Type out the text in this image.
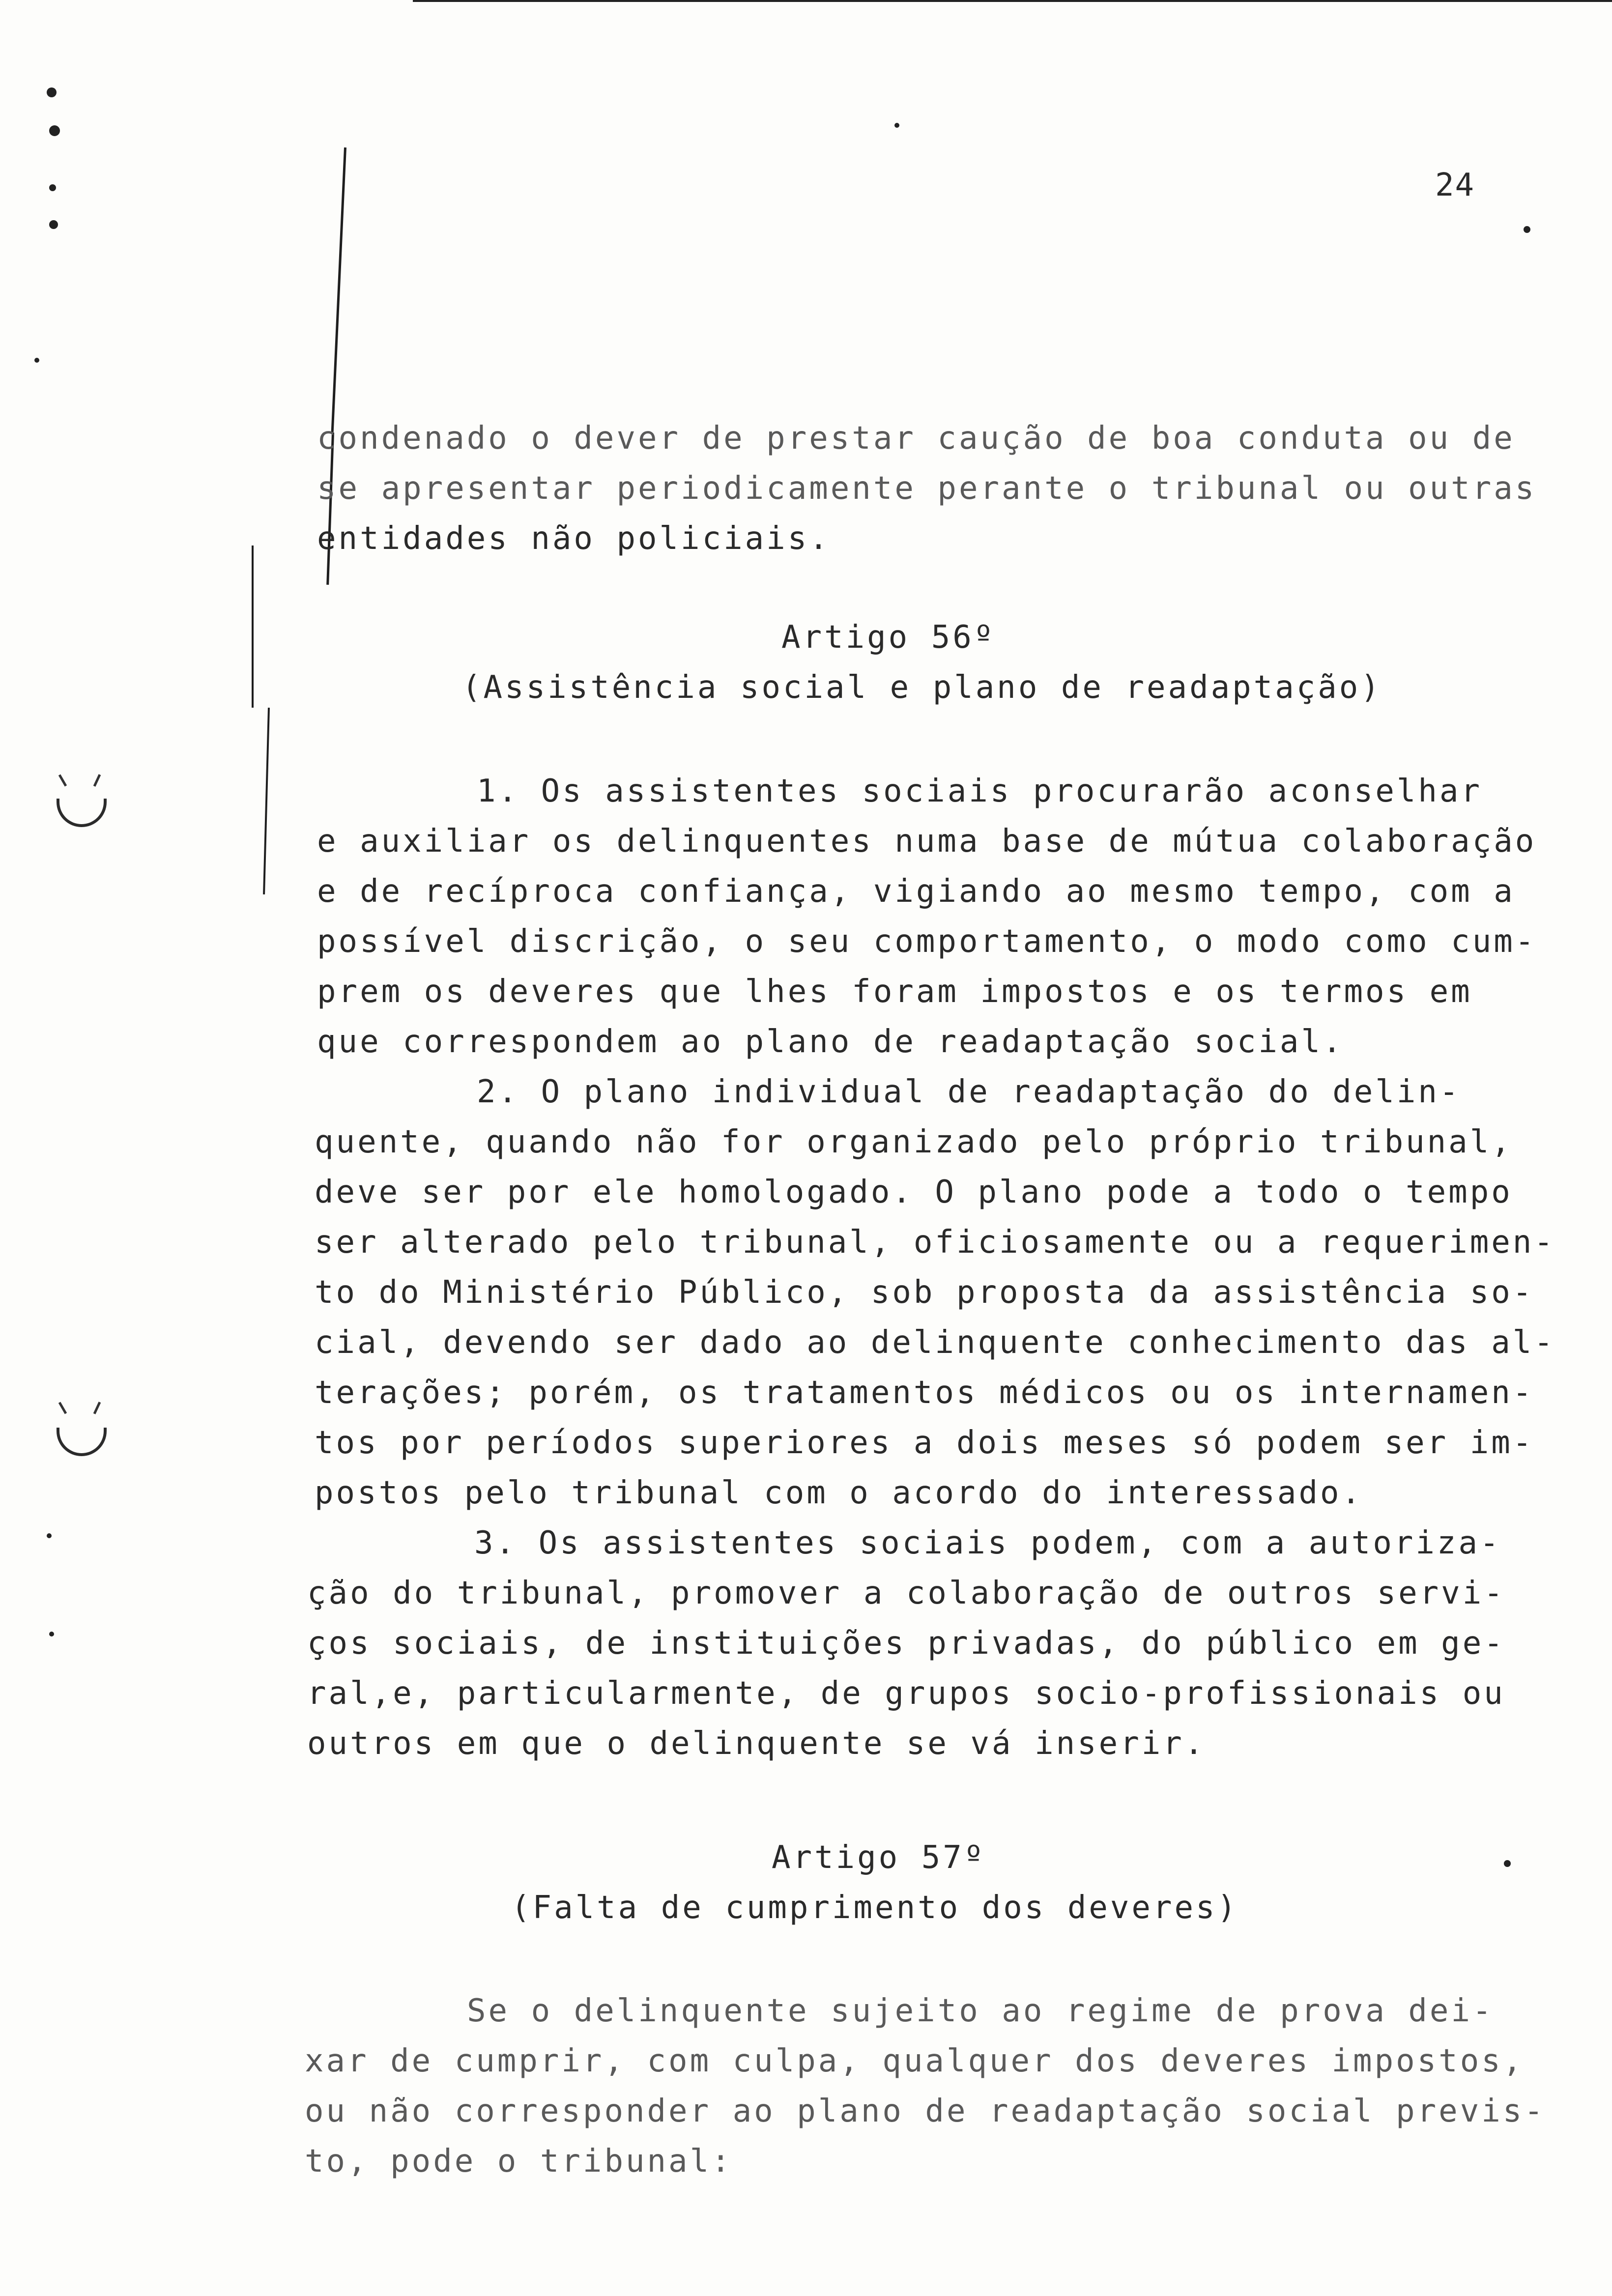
24
condenado o dever de prestar caução de boa conduta ou de
se apresentar periodicamente perante o tribunal ou outras
entidades não policiais.
Artigo 56º
(Assistência social e plano de readaptação)
1. Os assistentes sociais procurarão aconselhar
e auxiliar os delinquentes numa base de mútua colaboração
e de recíproca confiança, vigiando ao mesmo tempo, com a
possível discrição, o seu comportamento, o modo como cum-
prem os deveres que lhes foram impostos e os termos em
que correspondem ao plano de readaptação social.
2. O plano individual de readaptação do delin-
quente, quando não for organizado pelo próprio tribunal,
deve ser por ele homologado. O plano pode a todo o tempo
ser alterado pelo tribunal, oficiosamente ou a requerimen-
to do Ministério Público, sob proposta da assistência so-
cial, devendo ser dado ao delinquente conhecimento das al-
terações; porém, os tratamentos médicos ou os internamen-
tos por períodos superiores a dois meses só podem ser im-
postos pelo tribunal com o acordo do interessado.
3. Os assistentes sociais podem, com a autoriza-
ção do tribunal, promover a colaboração de outros servi-
ços sociais, de instituições privadas, do público em ge-
ral,e, particularmente, de grupos socio-profissionais ou
outros em que o delinquente se vá inserir.
Artigo 57º
(Falta de cumprimento dos deveres)
Se o delinquente sujeito ao regime de prova dei-
xar de cumprir, com culpa, qualquer dos deveres impostos,
ou não corresponder ao plano de readaptação social previs-
to, pode o tribunal:
